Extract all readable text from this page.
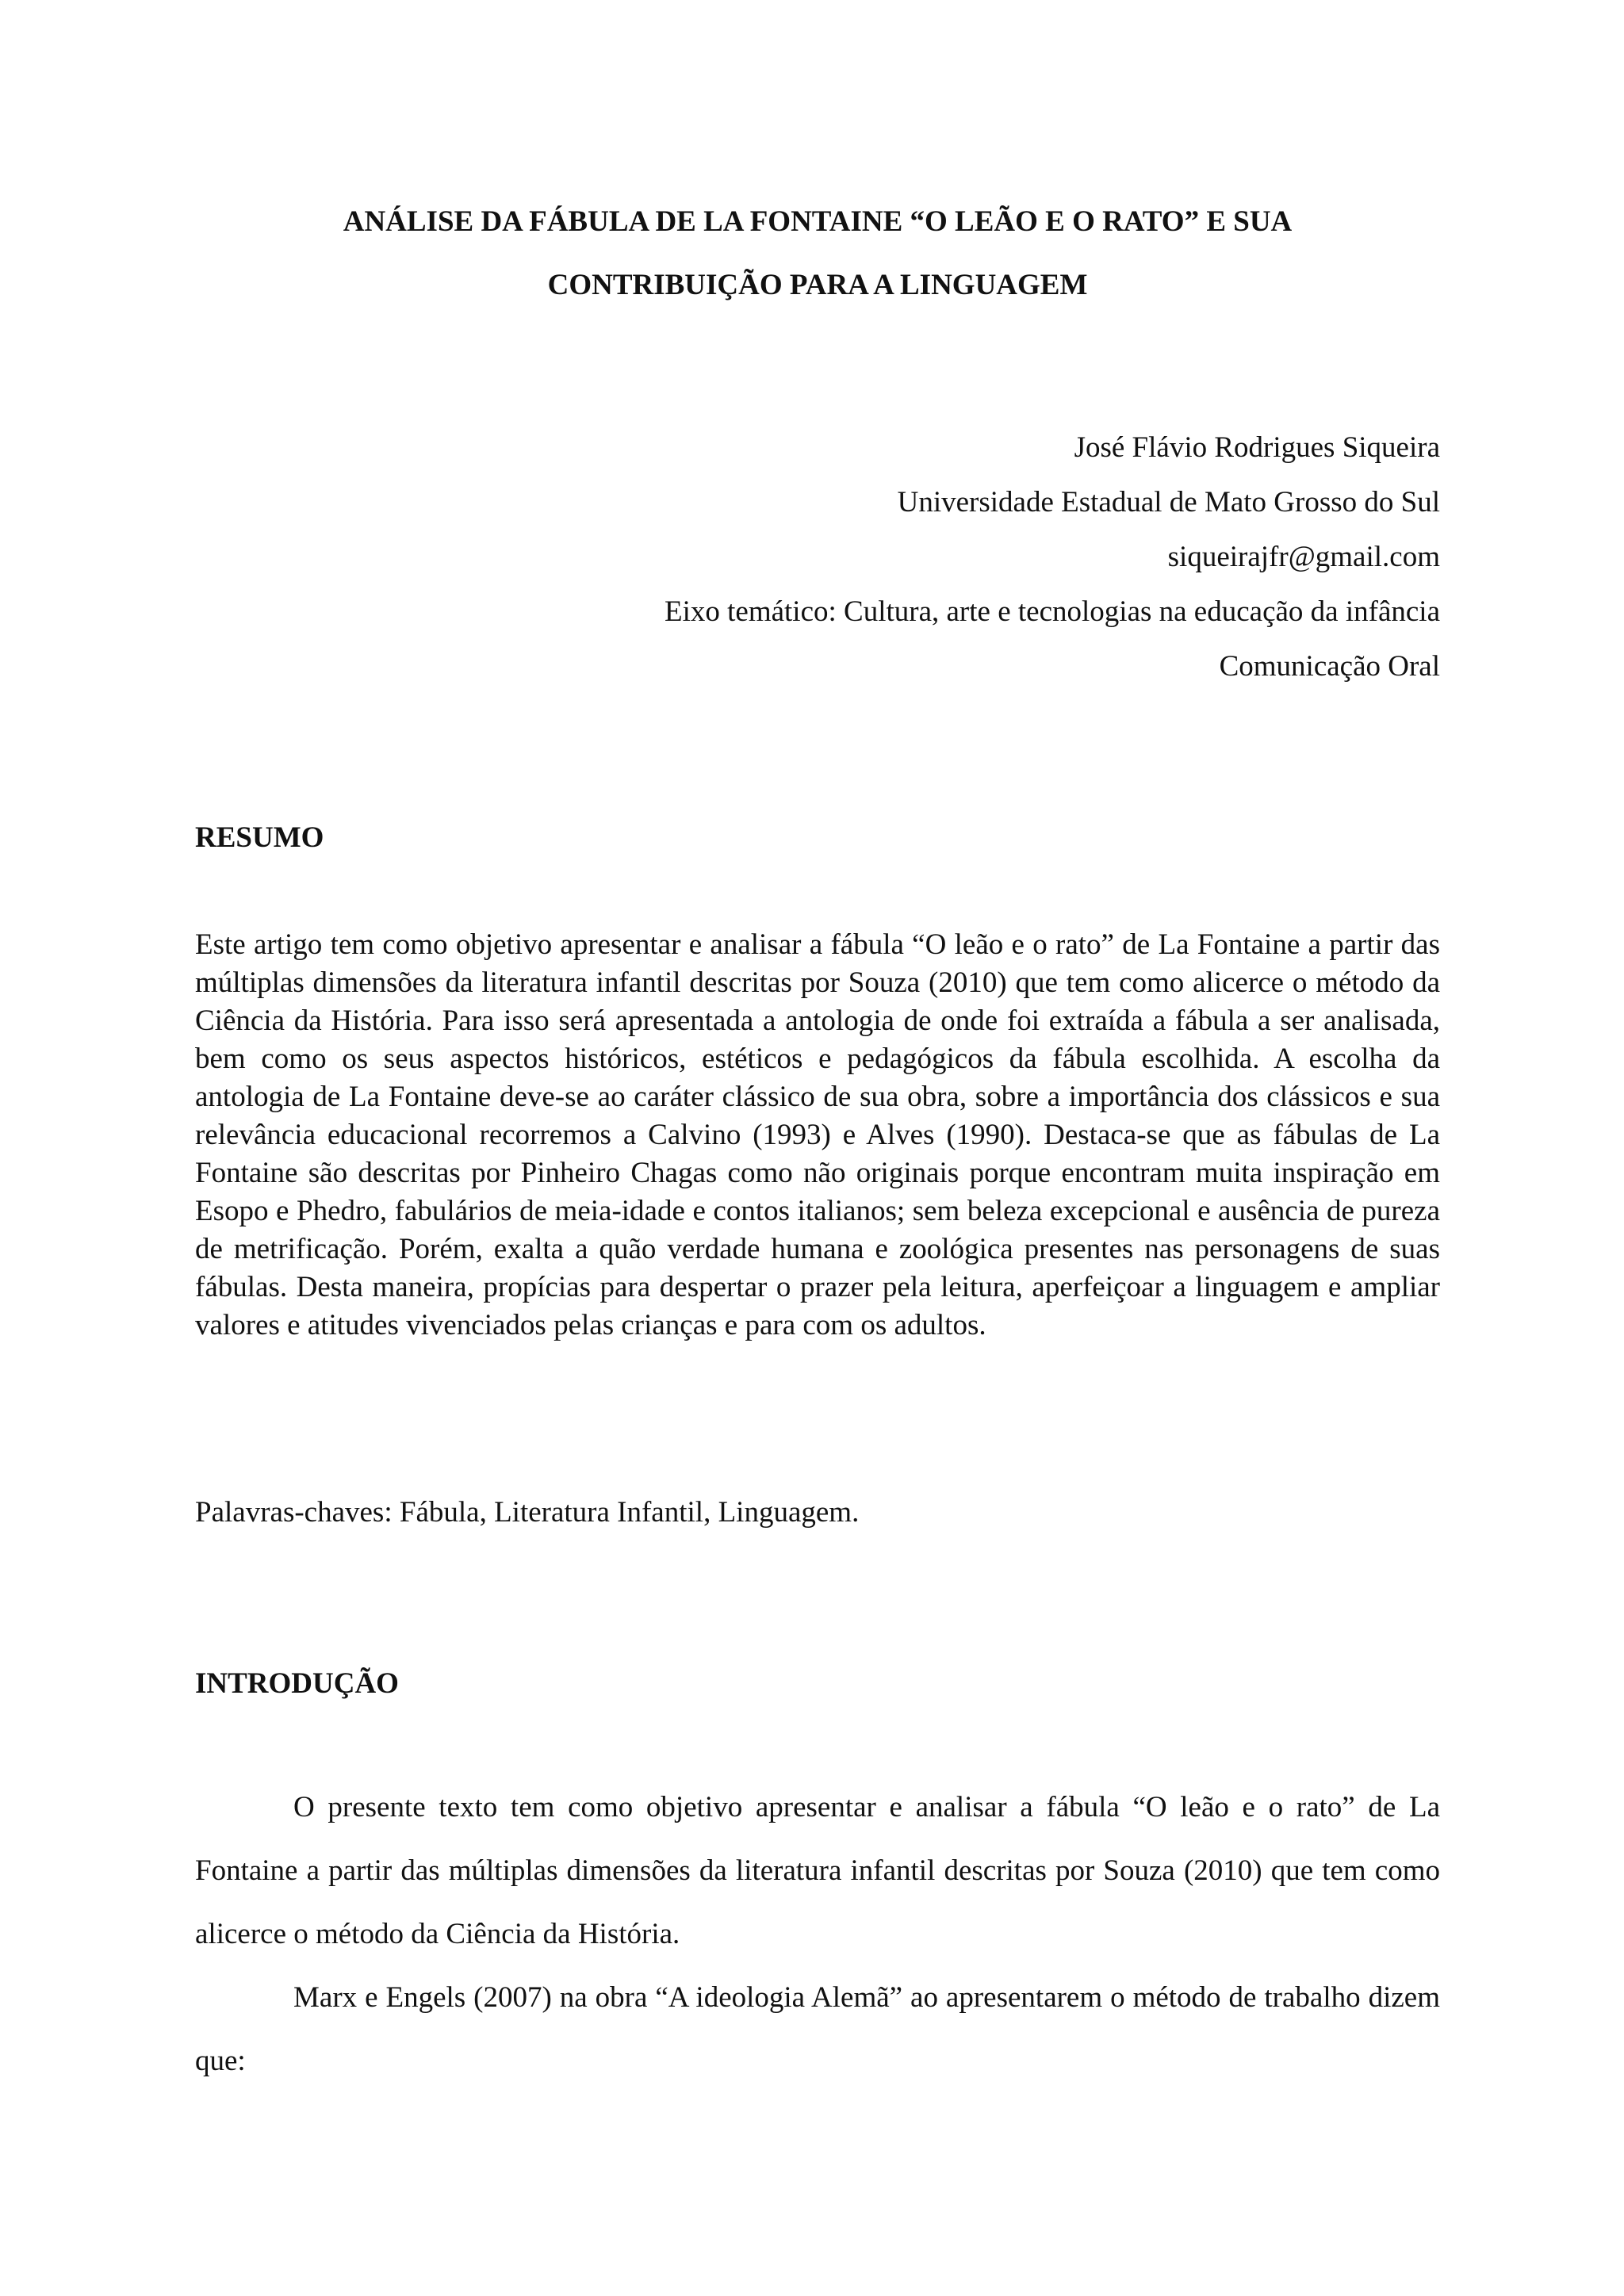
ANÁLISE DA FÁBULA DE LA FONTAINE “O LEÃO E O RATO” E SUA
CONTRIBUIÇÃO PARA A LINGUAGEM
José Flávio Rodrigues Siqueira
Universidade Estadual de Mato Grosso do Sul
siqueirajfr@gmail.com
Eixo temático: Cultura, arte e tecnologias na educação da infância
Comunicação Oral
RESUMO

Este artigo tem como objetivo apresentar e analisar a fábula “O leão e o rato” de La Fontaine a partir das múltiplas dimensões da literatura infantil descritas por Souza (2010) que tem como alicerce o método da Ciência da História. Para isso será apresentada a antologia de onde foi extraída a fábula a ser analisada, bem como os seus aspectos históricos, estéticos e pedagógicos da fábula escolhida. A escolha da antologia de La Fontaine deve-se ao caráter clássico de sua obra, sobre a importância dos clássicos e sua relevância educacional recorremos a Calvino (1993) e Alves (1990). Destaca-se que as fábulas de La Fontaine são descritas por Pinheiro Chagas como não originais porque encontram muita inspiração em Esopo e Phedro, fabulários de meia-idade e contos italianos; sem beleza excepcional e ausência de pureza de metrificação. Porém, exalta a quão verdade humana e zoológica presentes nas personagens de suas fábulas. Desta maneira, propícias para despertar o prazer pela leitura, aperfeiçoar a linguagem e ampliar valores e atitudes vivenciados pelas crianças e para com os adultos.

Palavras-chaves: Fábula, Literatura Infantil, Linguagem.

INTRODUÇÃO

O presente texto tem como objetivo apresentar e analisar a fábula “O leão e o rato” de La Fontaine a partir das múltiplas dimensões da literatura infantil descritas por Souza (2010) que tem como alicerce o método da Ciência da História.

Marx e Engels (2007) na obra “A ideologia Alemã” ao apresentarem o método de trabalho dizem que:
